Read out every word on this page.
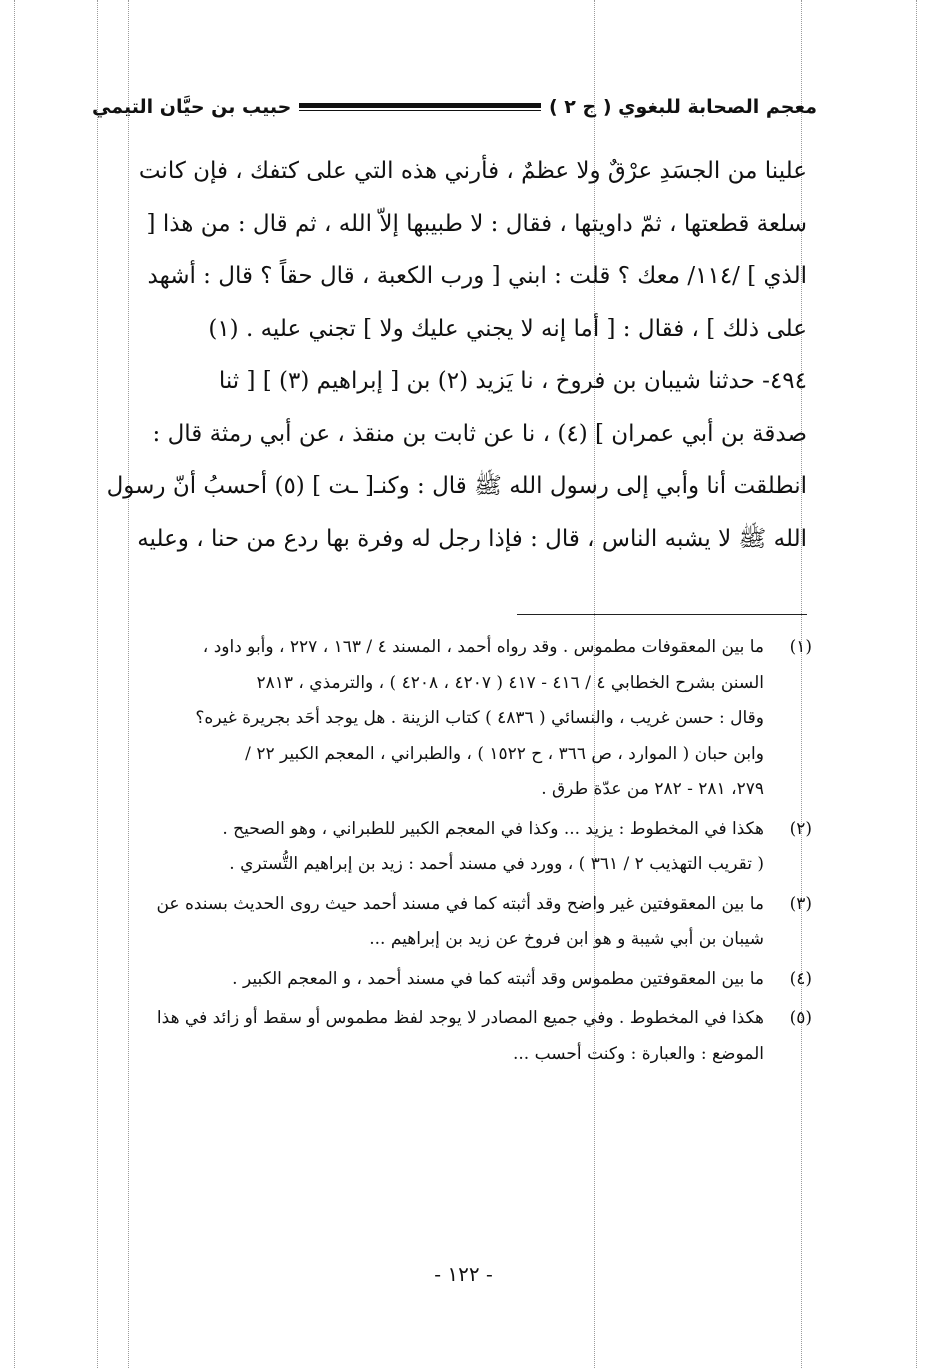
معجم الصحابة للبغوي ( ج ٢ )
حبيب بن حيَّان التيمي

علينا من الجسَدِ عرْقٌ ولا عظمٌ ، فأرني هذه التي على كتفك ، فإن كانت

سلعة قطعتها ، ثمّ داويتها ، فقال : لا طبيبها إلاّ الله ، ثم قال : من هذا [

الذي ] /١١٤/ معك ؟ قلت : ابني [ ورب الكعبة ، قال حقاً ؟ قال : أشهد

على ذلك ] ، فقال : [ أما إنه لا يجني عليك ولا ] تجني عليه . (١)

٤٩٤- حدثنا شيبان بن فروخ ، نا يَزيد (٢) بن [ إبراهيم (٣) ] [ ثنا

صدقة بن أبي عمران ] (٤) ، نا عن ثابت بن منقذ ، عن أبي رمثة قال :

انطلقت أنا وأبي إلى رسول الله ﷺ قال : وكنـ[ ـت ] (٥) أحسبُ أنّ رسول

الله ﷺ لا يشبه الناس ، قال : فإذا رجل له وفرة بها ردع من حنا ، وعليه

(١)
ما بين المعقوفات مطموس . وقد رواه أحمد ، المسند ٤ / ١٦٣ ، ٢٢٧ ، وأبو داود ،
السنن بشرح الخطابي ٤ / ٤١٦ - ٤١٧ ( ٤٢٠٧ ، ٤٢٠٨ ) ، والترمذي ، ٢٨١٣
وقال : حسن غريب ، والنسائي ( ٤٨٣٦ ) كتاب الزينة . هل يوجد أحَد بجريرة غيره؟
وابن حبان ( الموارد ، ص ٣٦٦ ، ح ١٥٢٢ ) ، والطبراني ، المعجم الكبير ٢٢ /
٢٧٩، ٢٨١ - ٢٨٢ من عدّة طرق .
(٢)
هكذا في المخطوط : يزيد ... وكذا في المعجم الكبير للطبراني ، وهو الصحيح .
( تقريب التهذيب ٢ / ٣٦١ ) ، وورد في مسند أحمد : زيد بن إبراهيم التُّستري .
(٣)
ما بين المعقوفتين غير واضح وقد أثبته كما في مسند أحمد حيث روى الحديث بسنده عن
شيبان بن أبي شيبة و هو ابن فروخ عن زيد بن إبراهيم ...
(٤)
ما بين المعقوفتين مطموس وقد أثبته كما في مسند أحمد ، و المعجم الكبير .
(٥)
هكذا في المخطوط . وفي جميع المصادر لا يوجد لفظ مطموس أو سقط أو زائد في هذا
الموضع : والعبارة : وكنت أحسب ...
- ١٢٢ -
